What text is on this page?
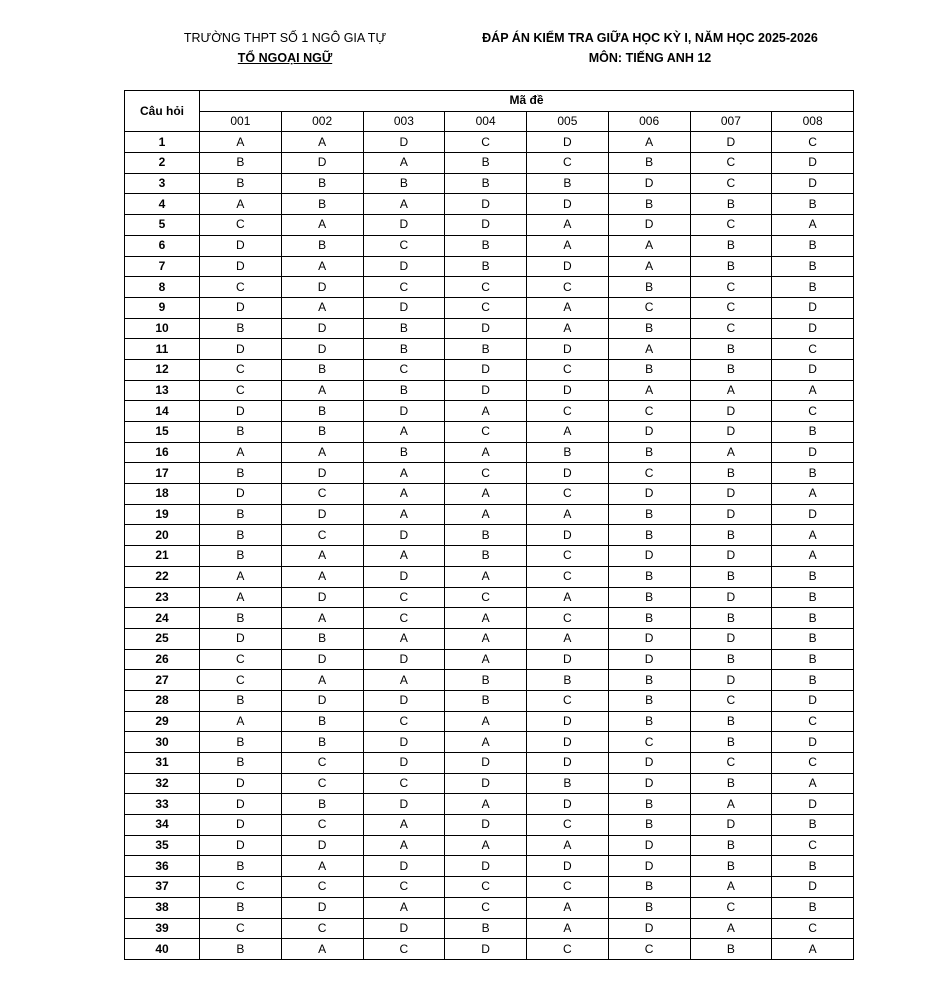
TRƯỜNG THPT SỐ 1 NGÔ GIA TỰ
TỔ NGOẠI NGỮ
ĐÁP ÁN KIỂM TRA GIỮA HỌC KỲ I, NĂM HỌC 2025-2026
MÔN: TIẾNG ANH 12
Câu hỏi	Mã đề							
	001	002	003	004	005	006	007	008
1	A	A	D	C	D	A	D	C
2	B	D	A	B	C	B	C	D
3	B	B	B	B	B	D	C	D
4	A	B	A	D	D	B	B	B
5	C	A	D	D	A	D	C	A
6	D	B	C	B	A	A	B	B
7	D	A	D	B	D	A	B	B
8	C	D	C	C	C	B	C	B
9	D	A	D	C	A	C	C	D
10	B	D	B	D	A	B	C	D
11	D	D	B	B	D	A	B	C
12	C	B	C	D	C	B	B	D
13	C	A	B	D	D	A	A	A
14	D	B	D	A	C	C	D	C
15	B	B	A	C	A	D	D	B
16	A	A	B	A	B	B	A	D
17	B	D	A	C	D	C	B	B
18	D	C	A	A	C	D	D	A
19	B	D	A	A	A	B	D	D
20	B	C	D	B	D	B	B	A
21	B	A	A	B	C	D	D	A
22	A	A	D	A	C	B	B	B
23	A	D	C	C	A	B	D	B
24	B	A	C	A	C	B	B	B
25	D	B	A	A	A	D	D	B
26	C	D	D	A	D	D	B	B
27	C	A	A	B	B	B	D	B
28	B	D	D	B	C	B	C	D
29	A	B	C	A	D	B	B	C
30	B	B	D	A	D	C	B	D
31	B	C	D	D	D	D	C	C
32	D	C	C	D	B	D	B	A
33	D	B	D	A	D	B	A	D
34	D	C	A	D	C	B	D	B
35	D	D	A	A	A	D	B	C
36	B	A	D	D	D	D	B	B
37	C	C	C	C	C	B	A	D
38	B	D	A	C	A	B	C	B
39	C	C	D	B	A	D	A	C
40	B	A	C	D	C	C	B	A
